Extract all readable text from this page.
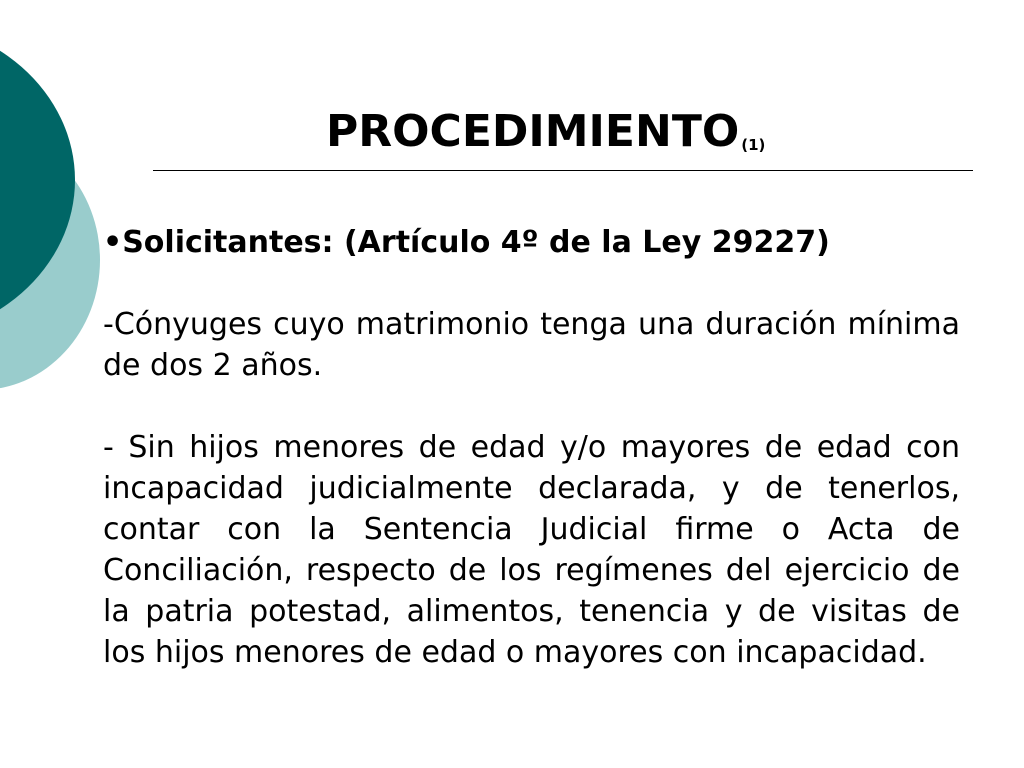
PROCEDIMIENTO (1)
•Solicitantes: (Artículo 4º de la Ley 29227)

-Cónyuges cuyo matrimonio tenga una duración mínima de dos 2 años.

- Sin hijos menores de edad y/o mayores de edad con incapacidad judicialmente declarada, y de tenerlos, contar con la Sentencia Judicial firme o Acta de Conciliación, respecto de los regímenes del ejercicio de la patria potestad, alimentos, tenencia y de visitas de los hijos menores de edad o mayores con incapacidad.
